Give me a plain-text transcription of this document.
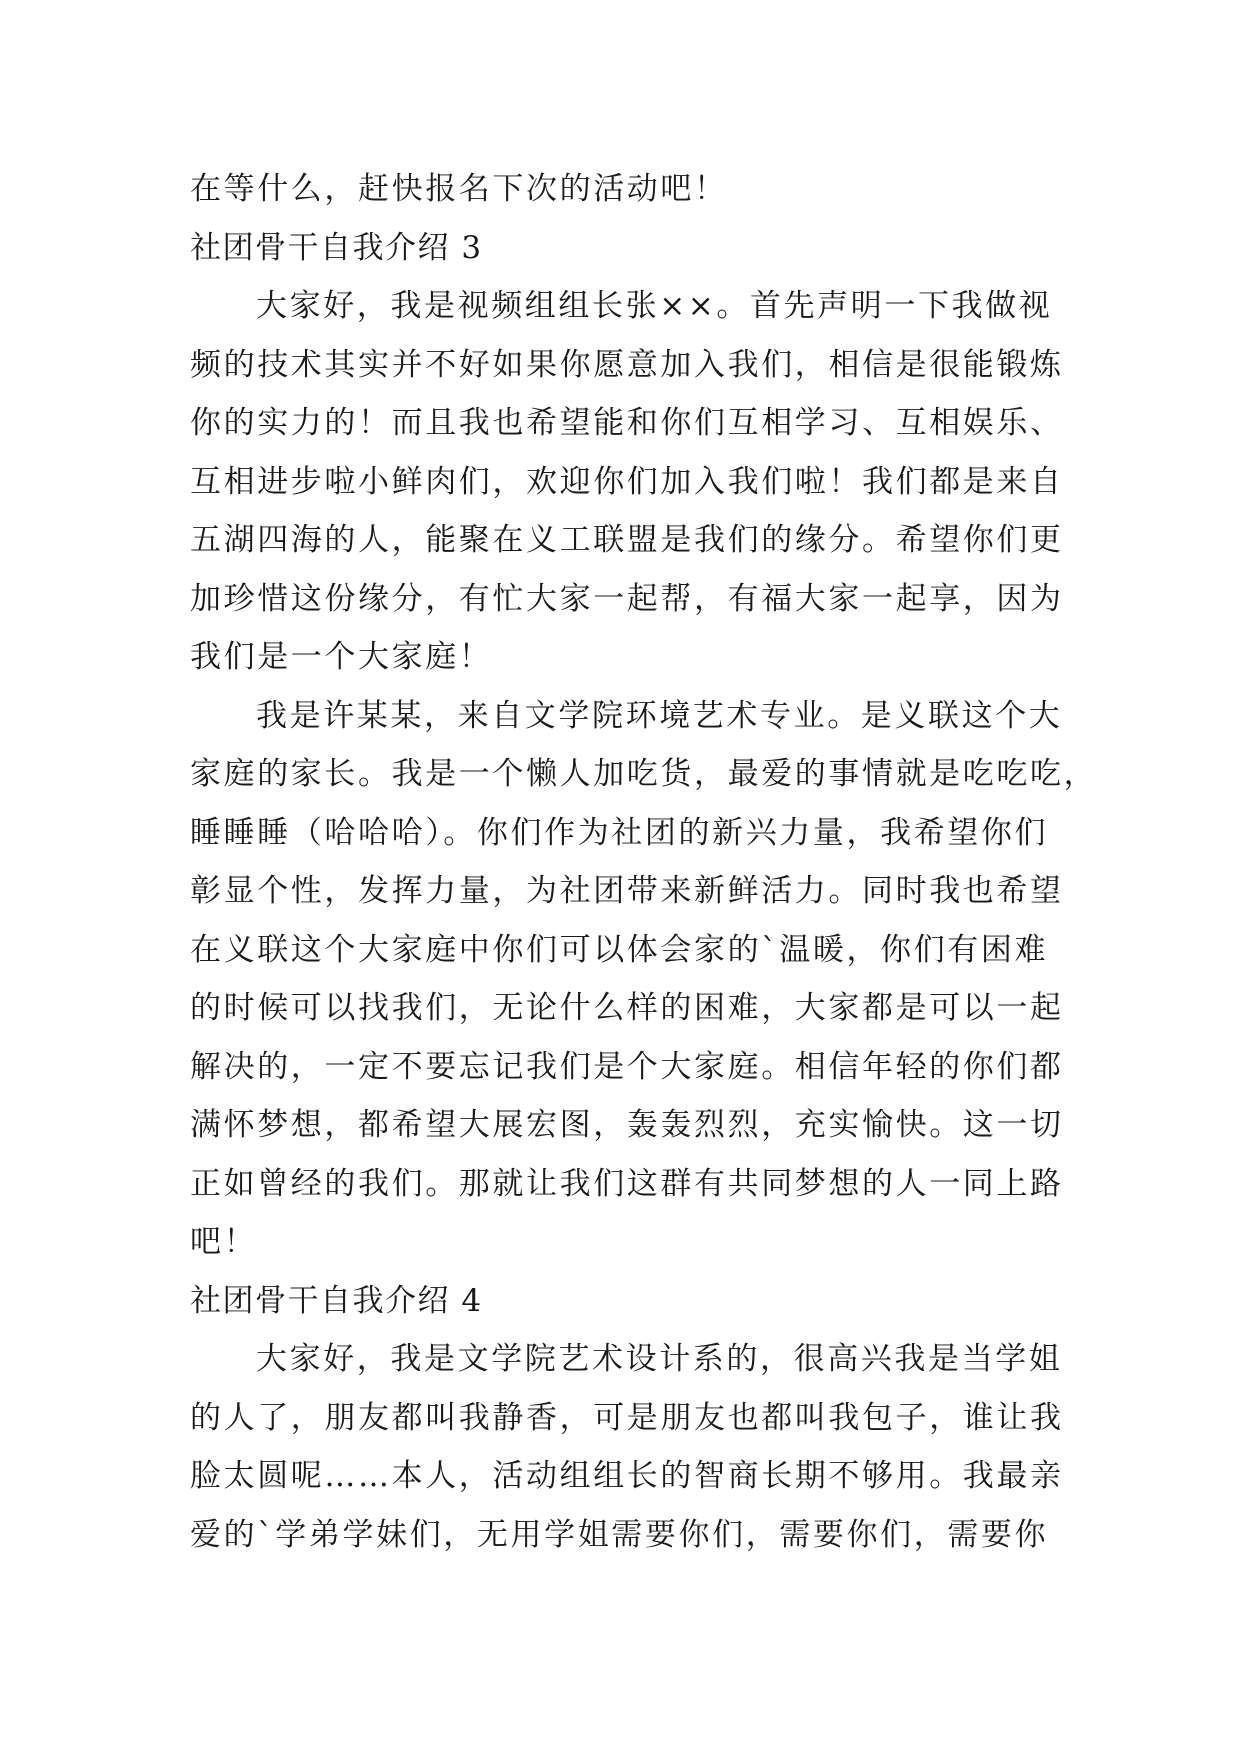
在等什么，赶快报名下次的活动吧！
社团骨干自我介绍 3
大家好，我是视频组组长张××。首先声明一下我做视
频的技术其实并不好如果你愿意加入我们，相信是很能锻炼
你的实力的！而且我也希望能和你们互相学习、互相娱乐、
互相进步啦小鲜肉们，欢迎你们加入我们啦！我们都是来自
五湖四海的人，能聚在义工联盟是我们的缘分。希望你们更
加珍惜这份缘分，有忙大家一起帮，有福大家一起享，因为
我们是一个大家庭！
我是许某某，来自文学院环境艺术专业。是义联这个大
家庭的家长。我是一个懒人加吃货，最爱的事情就是吃吃吃，
睡睡睡（哈哈哈）。你们作为社团的新兴力量，我希望你们
彰显个性，发挥力量，为社团带来新鲜活力。同时我也希望
在义联这个大家庭中你们可以体会家的`温暖，你们有困难
的时候可以找我们，无论什么样的困难，大家都是可以一起
解决的，一定不要忘记我们是个大家庭。相信年轻的你们都
满怀梦想，都希望大展宏图，轰轰烈烈，充实愉快。这一切
正如曾经的我们。那就让我们这群有共同梦想的人一同上路
吧！
社团骨干自我介绍 4
大家好，我是文学院艺术设计系的，很高兴我是当学姐
的人了，朋友都叫我静香，可是朋友也都叫我包子，谁让我
脸太圆呢……本人，活动组组长的智商长期不够用。我最亲
爱的`学弟学妹们，无用学姐需要你们，需要你们，需要你
